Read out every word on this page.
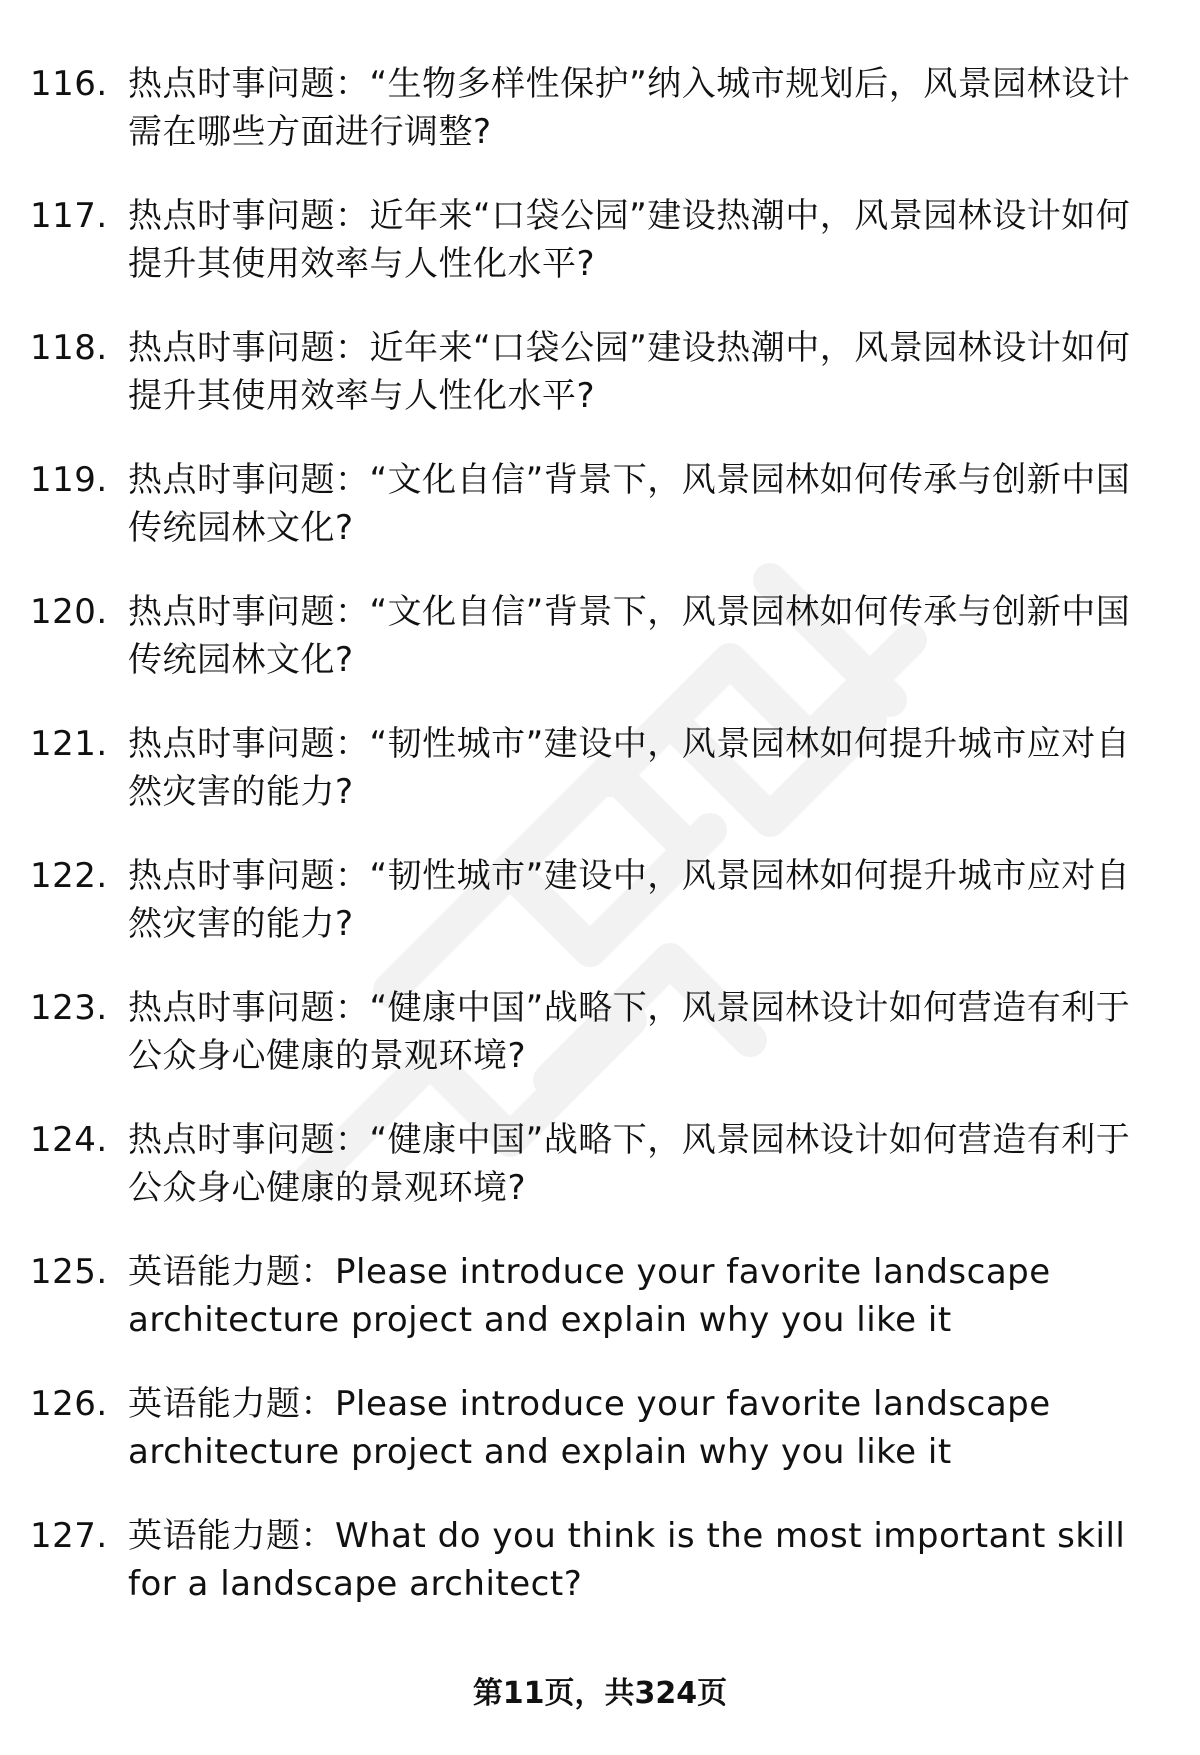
116. 热点时事问题：“生物多样性保护”纳入城市规划后，风景园林设计需在哪些方面进行调整?
117. 热点时事问题：近年来“口袋公园”建设热潮中，风景园林设计如何提升其使用效率与人性化水平?
118. 热点时事问题：近年来“口袋公园”建设热潮中，风景园林设计如何提升其使用效率与人性化水平?
119. 热点时事问题：“文化自信”背景下，风景园林如何传承与创新中国传统园林文化?
120. 热点时事问题：“文化自信”背景下，风景园林如何传承与创新中国传统园林文化?
121. 热点时事问题：“韧性城市”建设中，风景园林如何提升城市应对自然灾害的能力?
122. 热点时事问题：“韧性城市”建设中，风景园林如何提升城市应对自然灾害的能力?
123. 热点时事问题：“健康中国”战略下，风景园林设计如何营造有利于公众身心健康的景观环境?
124. 热点时事问题：“健康中国”战略下，风景园林设计如何营造有利于公众身心健康的景观环境?
125. 英语能力题：Please introduce your favorite landscape architecture project and explain why you like it
126. 英语能力题：Please introduce your favorite landscape architecture project and explain why you like it
127. 英语能力题：What do you think is the most important skill for a landscape architect?
第11页，共324页
